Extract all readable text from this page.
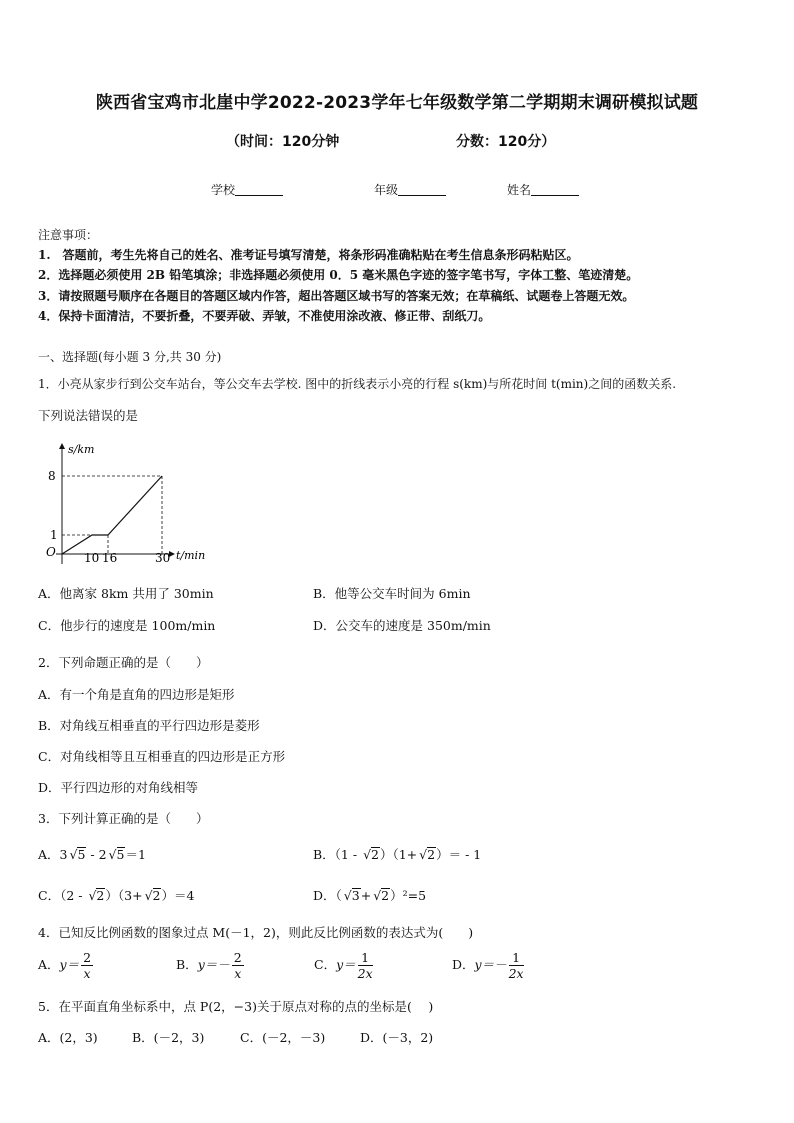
陕西省宝鸡市北崖中学2022-2023学年七年级数学第二学期期末调研模拟试题
（时间：120分钟	分数：120分）
学校	年级	姓名
注意事项：
1.　答题前，考生先将自己的姓名、准考证号填写清楚，将条形码准确粘贴在考生信息条形码粘贴区。
2．选择题必须使用 2B 铅笔填涂；非选择题必须使用 0．5 毫米黑色字迹的签字笔书写，字体工整、笔迹清楚。
3．请按照题号顺序在各题目的答题区域内作答，超出答题区域书写的答案无效；在草稿纸、试题卷上答题无效。
4．保持卡面清洁，不要折叠，不要弄破、弄皱，不准使用涂改液、修正带、刮纸刀。
一、选择题(每小题 3 分,共 30 分)
1．小亮从家步行到公交车站台，等公交车去学校. 图中的折线表示小亮的行程 s(km)与所花时间 t(min)之间的函数关系.
下列说法错误的是
s/km
t/min
O
8
1
10 16	30
A．他离家 8km 共用了 30min	B．他等公交车时间为 6min
C．他步行的速度是 100m/min	D．公交车的速度是 350m/min
2．下列命题正确的是（　　）
A．有一个角是直角的四边形是矩形
B．对角线互相垂直的平行四边形是菱形
C．对角线相等且互相垂直的四边形是正方形
D．平行四边形的对角线相等
3．下列计算正确的是（　　）
A．3 √ 5 - 2 √ 5＝1	B．（1 - √ 2）（1+ √ 2）＝ - 1
C．（2 - √ 2）（3+ √ 2）＝4	D．（ √ 3+ √ 2）²=5
4．已知反比例函数的图象过点 M(－1，2)，则此反比例函数的表达式为(　　)
A．$y= \frac{2}{x}$	B．$y=- \frac{2}{x}$	C．$y= \frac{1}{2x}$	D．$y=- \frac{1}{2x}$
5．在平面直角坐标系中，点 P(2，−3)关于原点对称的点的坐标是(　 )
A．(2，3)	B．(－2，3)	C．(－2，－3)	D．(－3，2)
